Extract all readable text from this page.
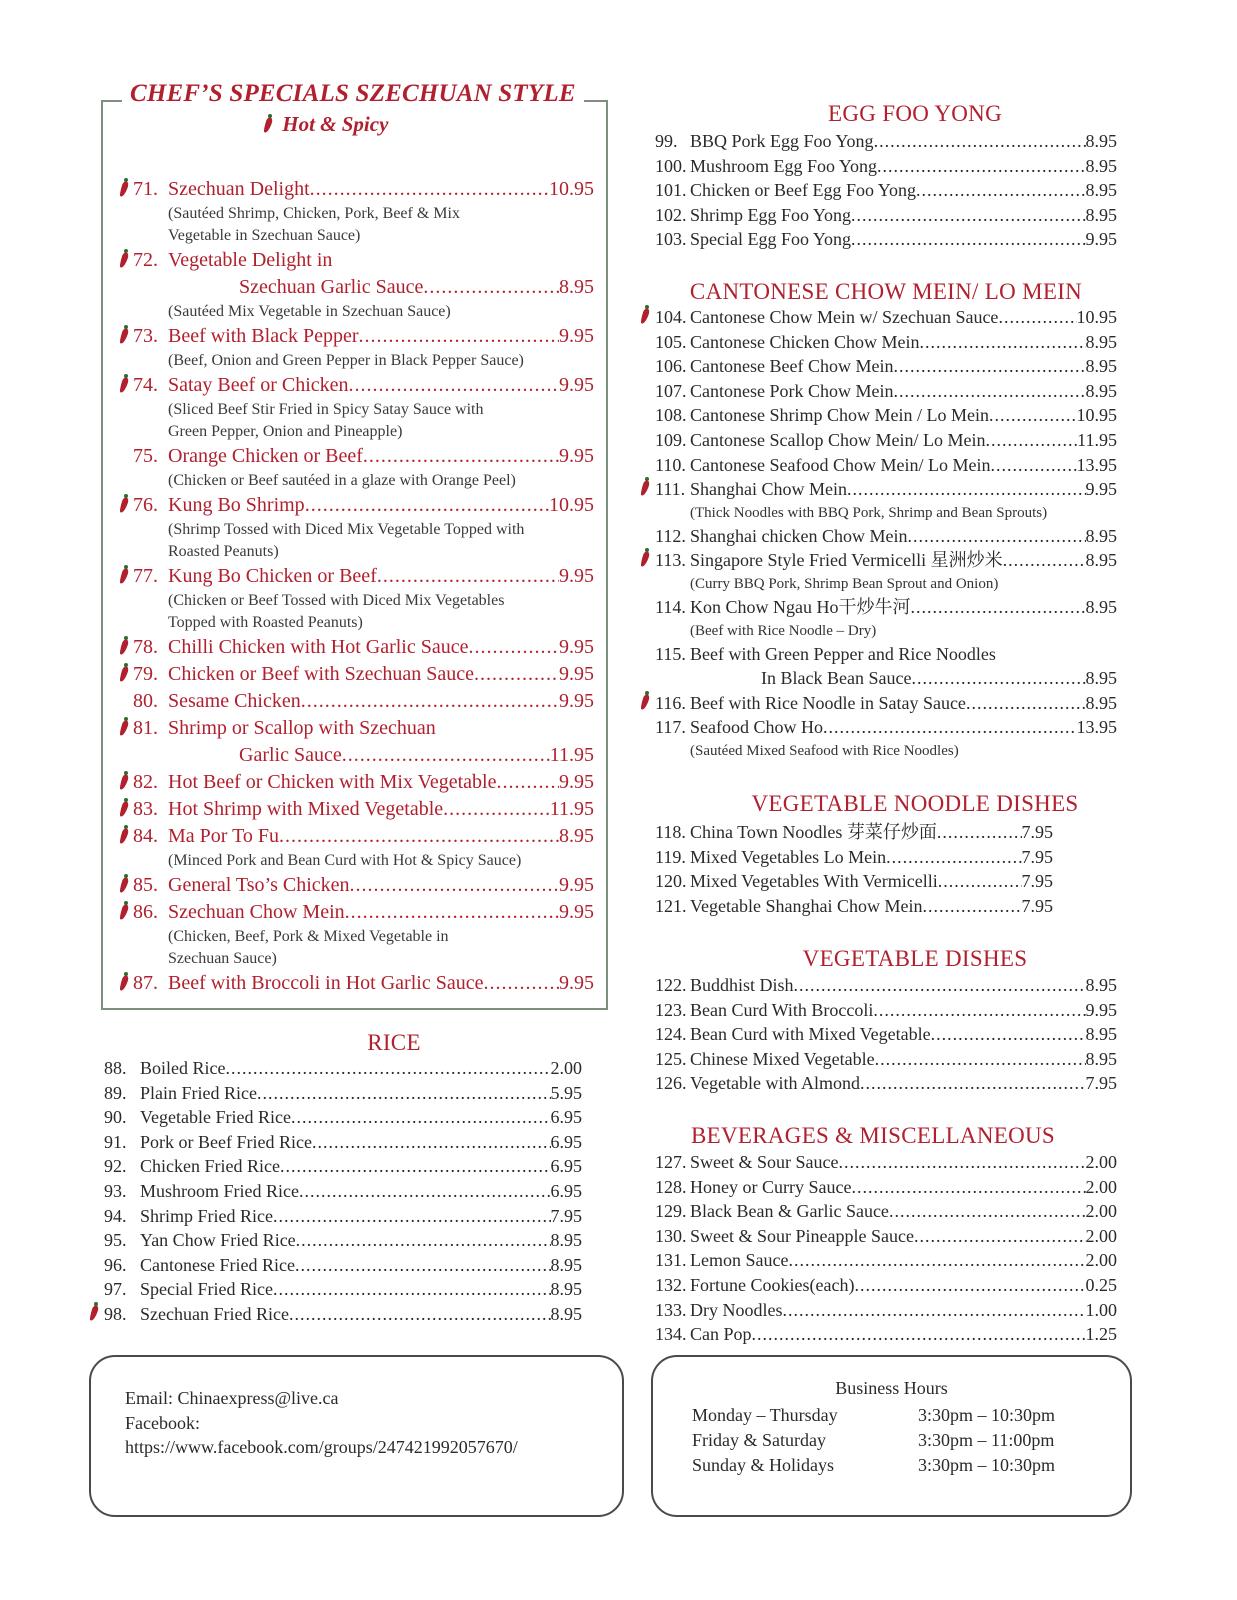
CHEF’S SPECIALS SZECHUAN STYLE
Hot & Spicy
71. Szechuan Delight .....	10.95
(Sautéed Shrimp, Chicken, Pork, Beef & Mix
Vegetable in Szechuan Sauce)
72. Vegetable Delight in
Szechuan Garlic Sauce .....	8.95
(Sautéed Mix Vegetable in Szechuan Sauce)
73. Beef with Black Pepper .....	9.95
(Beef, Onion and Green Pepper in Black Pepper Sauce)
74. Satay Beef or Chicken .....	9.95
(Sliced Beef Stir Fried in Spicy Satay Sauce with
Green Pepper, Onion and Pineapple)
75. Orange Chicken or Beef .....	9.95
(Chicken or Beef sautéed in a glaze with Orange Peel)
76. Kung Bo Shrimp .....	10.95
(Shrimp Tossed with Diced Mix Vegetable Topped with
Roasted Peanuts)
77. Kung Bo Chicken or Beef .....	9.95
(Chicken or Beef Tossed with Diced Mix Vegetables
Topped with Roasted Peanuts)
78. Chilli Chicken with Hot Garlic Sauce .....	9.95
79. Chicken or Beef with Szechuan Sauce .....	9.95
80. Sesame Chicken .....	9.95
81. Shrimp or Scallop with Szechuan
Garlic Sauce .....	11.95
82. Hot Beef or Chicken with Mix Vegetable .....	9.95
83. Hot Shrimp with Mixed Vegetable .....	11.95
84. Ma Por To Fu .....	8.95
(Minced Pork and Bean Curd with Hot & Spicy Sauce)
85. General Tso’s Chicken .....	9.95
86. Szechuan Chow Mein .....	9.95
(Chicken, Beef, Pork & Mixed Vegetable in
Szechuan Sauce)
87. Beef with Broccoli in Hot Garlic Sauce .....	9.95
RICE
88. Boiled Rice .....	2.00
89. Plain Fried Rice .....	5.95
90. Vegetable Fried Rice .....	6.95
91. Pork or Beef Fried Rice .....	6.95
92. Chicken Fried Rice .....	6.95
93. Mushroom Fried Rice .....	6.95
94. Shrimp Fried Rice .....	7.95
95. Yan Chow Fried Rice .....	8.95
96. Cantonese Fried Rice .....	8.95
97. Special Fried Rice .....	8.95
98. Szechuan Fried Rice .....	8.95
EGG FOO YONG
99. BBQ Pork Egg Foo Yong .....	8.95
100. Mushroom Egg Foo Yong .....	8.95
101. Chicken or Beef Egg Foo Yong .....	8.95
102. Shrimp Egg Foo Yong .....	8.95
103. Special Egg Foo Yong .....	9.95
CANTONESE CHOW MEIN/ LO MEIN
104. Cantonese Chow Mein w/ Szechuan Sauce .....	10.95
105. Cantonese Chicken Chow Mein .....	8.95
106. Cantonese Beef Chow Mein .....	8.95
107. Cantonese Pork Chow Mein .....	8.95
108. Cantonese Shrimp Chow Mein / Lo Mein .....	10.95
109. Cantonese Scallop Chow Mein/ Lo Mein .....	11.95
110. Cantonese Seafood Chow Mein/ Lo Mein .....	13.95
111. Shanghai Chow Mein .....	9.95
(Thick Noodles with BBQ Pork, Shrimp and Bean Sprouts)
112. Shanghai chicken Chow Mein .....	8.95
113. Singapore Style Fried Vermicelli 星洲炒米 .....	8.95
(Curry BBQ Pork, Shrimp Bean Sprout and Onion)
114. Kon Chow Ngau Ho干炒牛河 .....	8.95
(Beef with Rice Noodle – Dry)
115. Beef with Green Pepper and Rice Noodles
In Black Bean Sauce .....	8.95
116. Beef with Rice Noodle in Satay Sauce .....	8.95
117. Seafood Chow Ho .....	13.95
(Sautéed Mixed Seafood with Rice Noodles)
VEGETABLE NOODLE DISHES
118. China Town Noodles 芽菜仔炒面 .....	7.95
119. Mixed Vegetables Lo Mein .....	7.95
120. Mixed Vegetables With Vermicelli .....	7.95
121. Vegetable Shanghai Chow Mein .....	7.95
VEGETABLE DISHES
122. Buddhist Dish .....	8.95
123. Bean Curd With Broccoli .....	9.95
124. Bean Curd with Mixed Vegetable .....	8.95
125. Chinese Mixed Vegetable .....	8.95
126. Vegetable with Almond .....	7.95
BEVERAGES & MISCELLANEOUS
127. Sweet & Sour Sauce .....	2.00
128. Honey or Curry Sauce .....	2.00
129. Black Bean & Garlic Sauce .....	2.00
130. Sweet & Sour Pineapple Sauce .....	2.00
131. Lemon Sauce .....	2.00
132. Fortune Cookies(each) .....	0.25
133. Dry Noodles .....	1.00
134. Can Pop .....	1.25
Email: Chinaexpress@live.ca
Facebook:
https://www.facebook.com/groups/247421992057670/
Business Hours
Monday – Thursday	3:30pm – 10:30pm
Friday & Saturday	3:30pm – 11:00pm
Sunday & Holidays	3:30pm – 10:30pm
